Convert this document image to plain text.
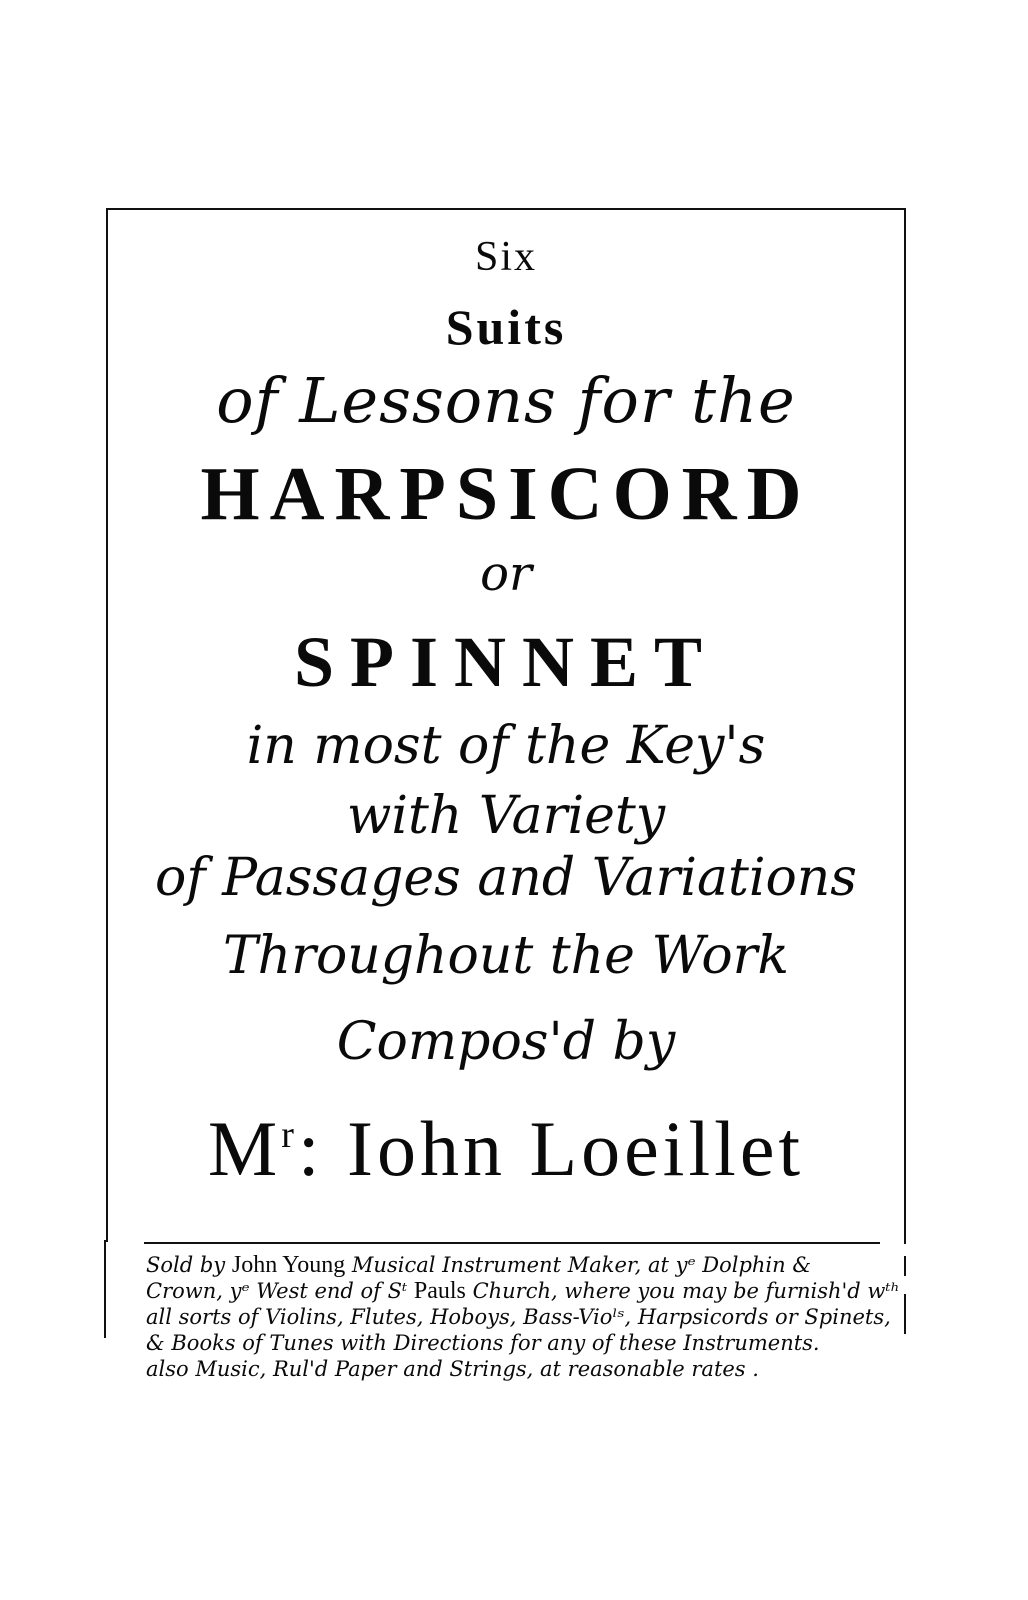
Six
Suits
of Lessons for the
HARPSICORD
or
SPINNET
in most of the Key's
with Variety
of Passages and Variations
Throughout the Work
Compos'd by
$M^r$: Iohn Loeillet
Sold by John Young Musical Instrument Maker, at yᵉ Dolphin &
Crown, yᵉ West end of Sᵗ Pauls Church, where you may be furnish'd wᵗʰ
all sorts of Violins, Flutes, Hoboys, Bass-Vioˡˢ, Harpsicords or Spinets,
& Books of Tunes with Directions for any of these Instruments.
also Music, Rul'd Paper and Strings, at reasonable rates .
